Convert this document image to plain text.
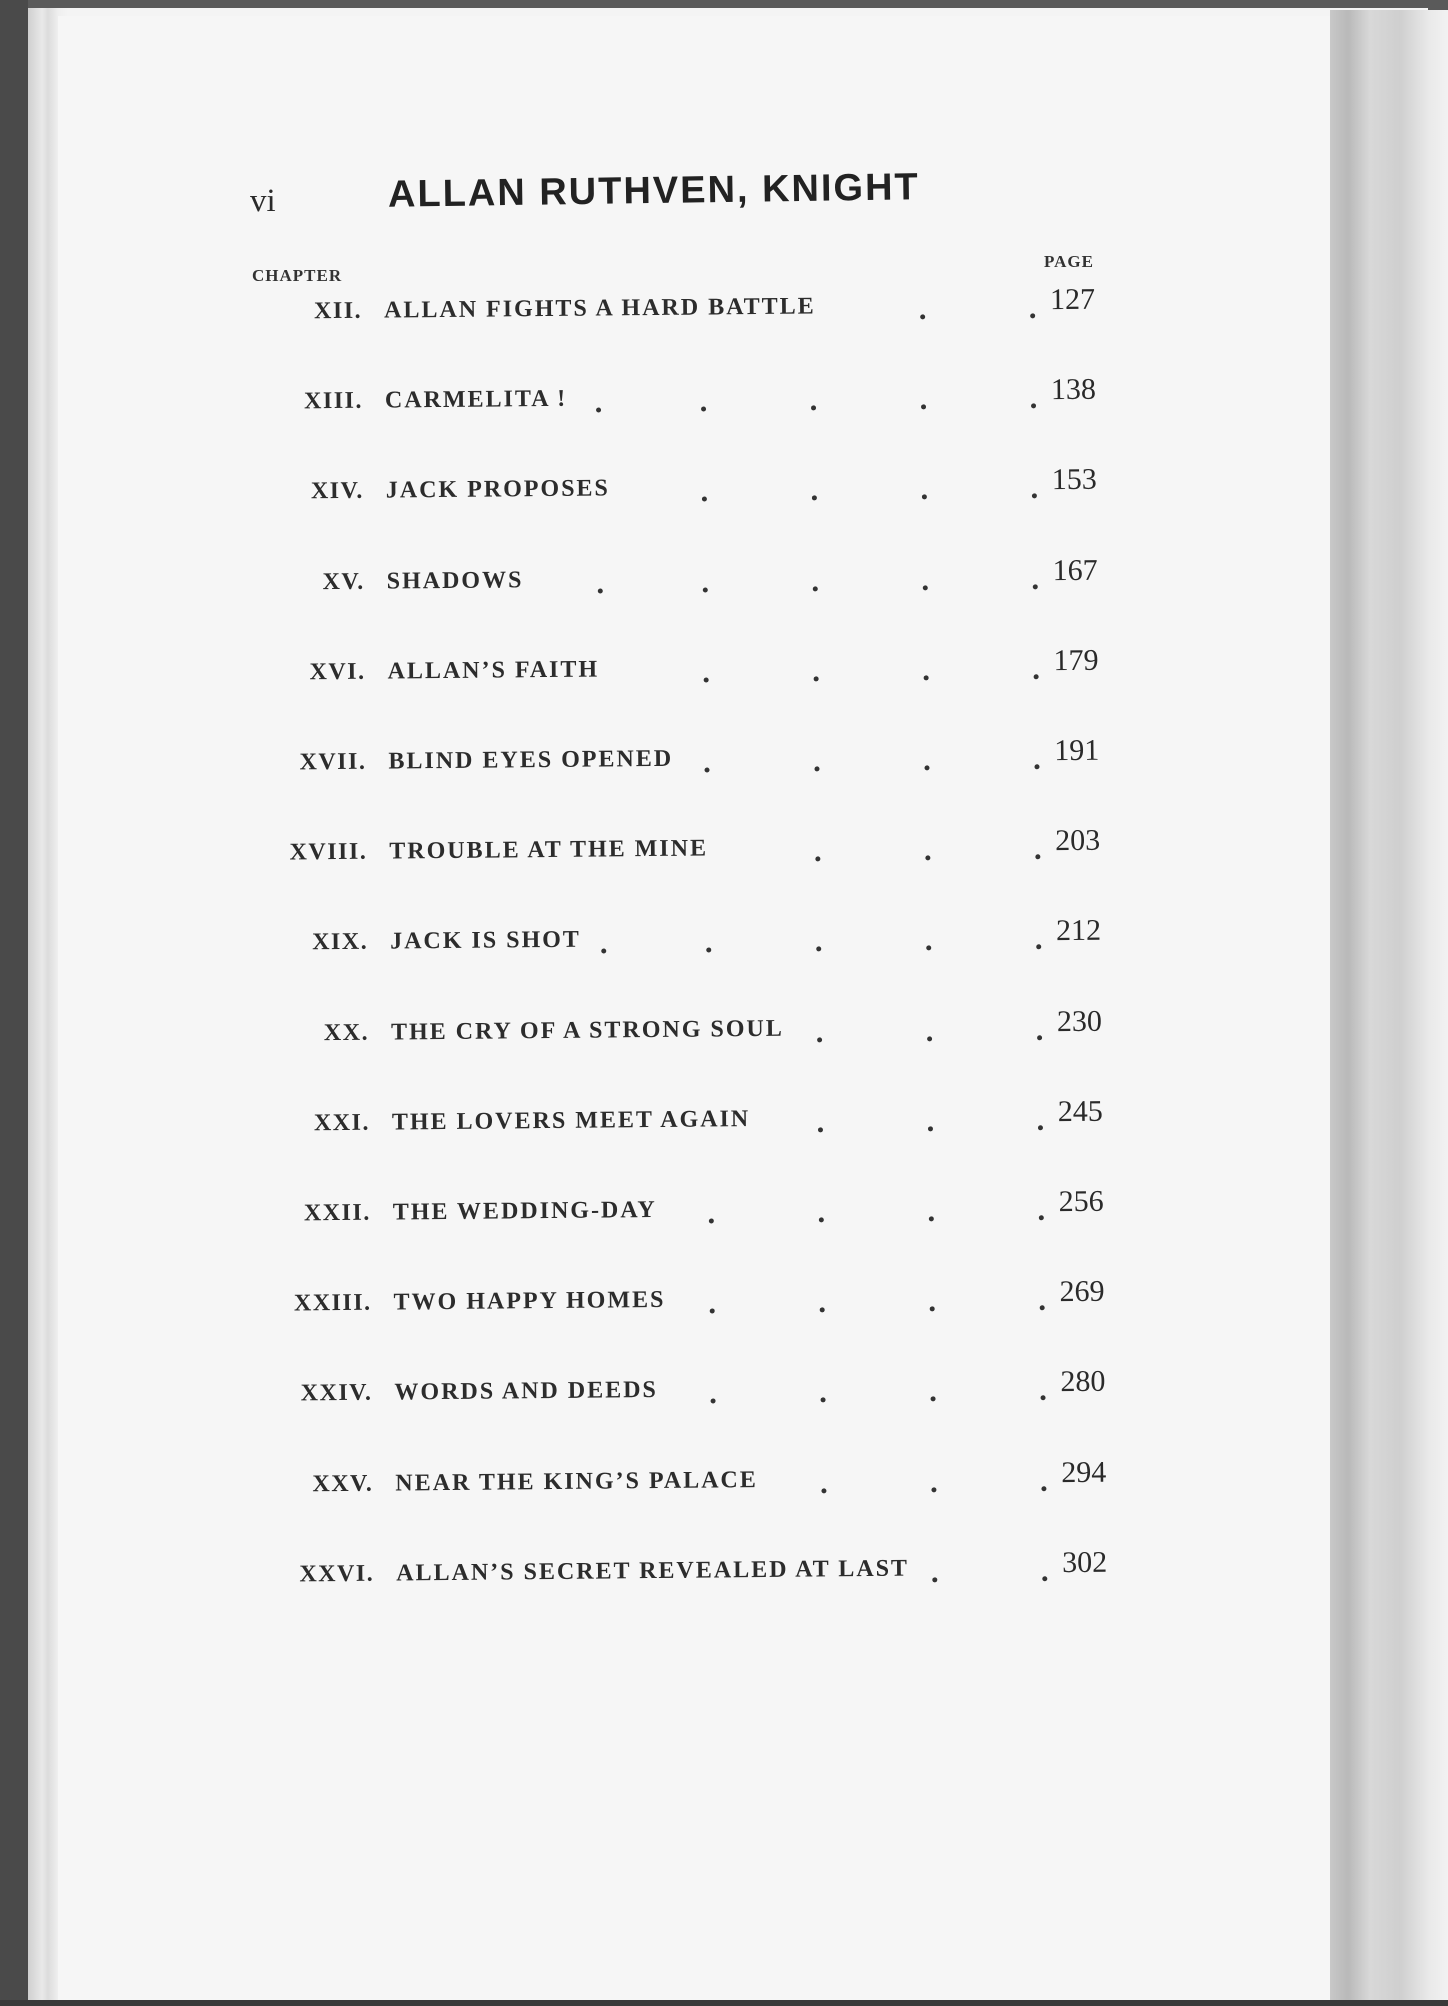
vi	ALLAN RUTHVEN, KNIGHT
CHAPTER
PAGE
XII. ALLAN FIGHTS A HARD BATTLE	127
XIII. CARMELITA !	138
XIV. JACK PROPOSES	153
XV. SHADOWS	167
XVI. ALLAN’S FAITH	179
XVII. BLIND EYES OPENED	191
XVIII. TROUBLE AT THE MINE	203
XIX. JACK IS SHOT	212
XX. THE CRY OF A STRONG SOUL	230
XXI. THE LOVERS MEET AGAIN	245
XXII. THE WEDDING-DAY	256
XXIII. TWO HAPPY HOMES	269
XXIV. WORDS AND DEEDS	280
XXV. NEAR THE KING’S PALACE	294
XXVI. ALLAN’S SECRET REVEALED AT LAST	302
